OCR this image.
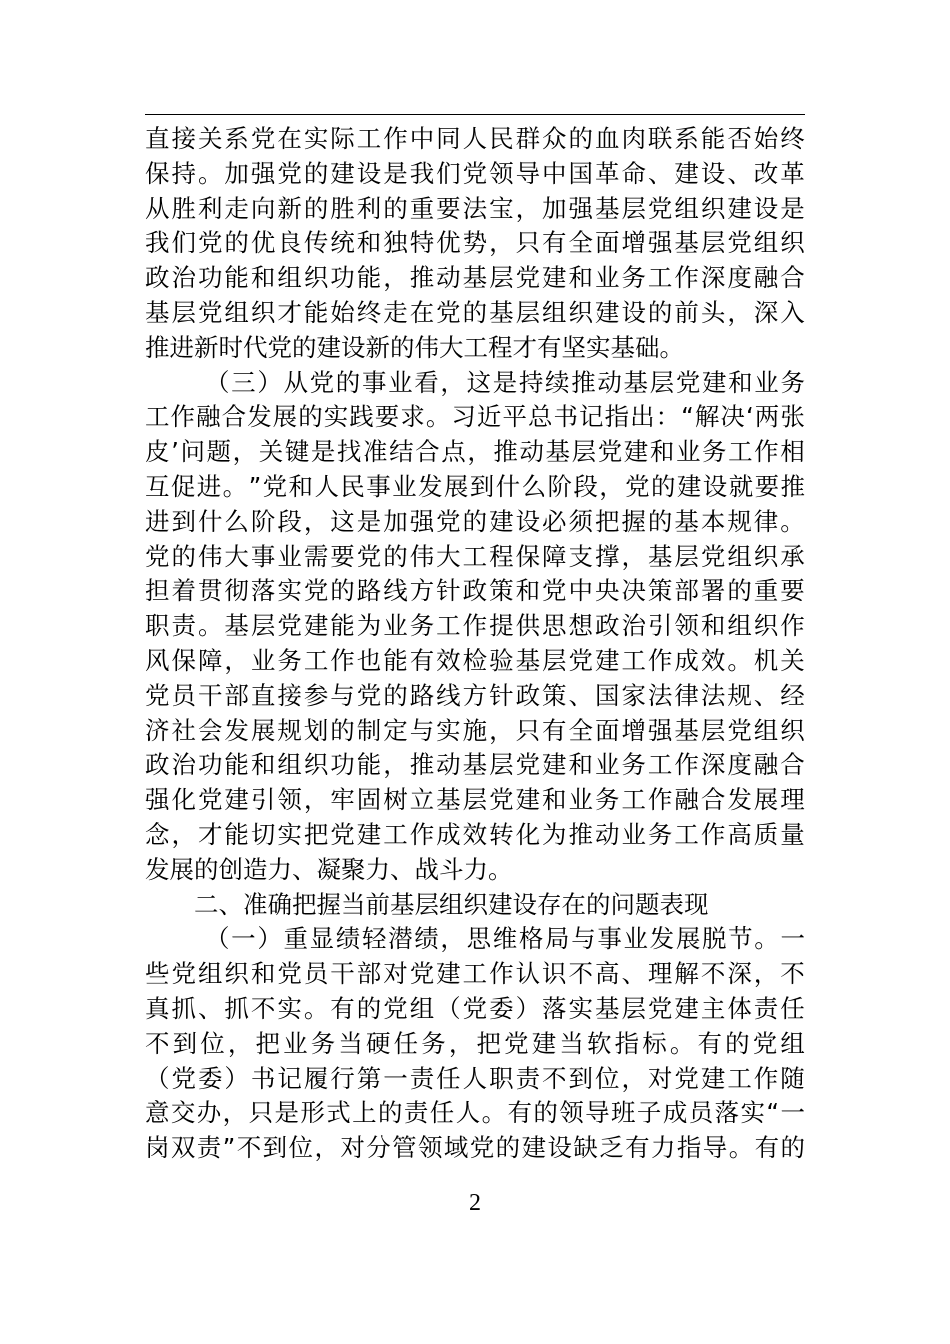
直 接 关 系 党 在 实 际 工 作 中 同 人 民 群 众 的 血 肉 联 系 能 否 始 终
保 持 。 加 强 党 的 建 设 是 我 们 党 领 导 中 国 革 命 、 建 设 、 改 革
从 胜 利 走 向 新 的 胜 利 的 重 要 法 宝 ， 加 强 基 层 党 组 织 建 设 是
我 们 党 的 优 良 传 统 和 独 特 优 势 ， 只 有 全 面 增 强 基 层 党 组 织
政 治 功 能 和 组 织 功 能 ， 推 动 基 层 党 建 和 业 务 工 作 深 度 融 合
基 层 党 组 织 才 能 始 终 走 在 党 的 基 层 组 织 建 设 的 前 头 ， 深 入
推进新时代党的建设新的伟大工程才有坚实基础。
（ 三 ） 从 党 的 事 业 看 ， 这 是 持 续 推 动 基 层 党 建 和 业 务
工 作 融 合 发 展 的 实 践 要 求 。 习 近 平 总 书 记 指 出 ： “ 解 决 ‘ 两 张
皮 ’ 问 题 ， 关 键 是 找 准 结 合 点 ， 推 动 基 层 党 建 和 业 务 工 作 相
互 促 进 。 ” 党 和 人 民 事 业 发 展 到 什 么 阶 段 ， 党 的 建 设 就 要 推
进 到 什 么 阶 段 ， 这 是 加 强 党 的 建 设 必 须 把 握 的 基 本 规 律 。
党 的 伟 大 事 业 需 要 党 的 伟 大 工 程 保 障 支 撑 ， 基 层 党 组 织 承
担 着 贯 彻 落 实 党 的 路 线 方 针 政 策 和 党 中 央 决 策 部 署 的 重 要
职 责 。 基 层 党 建 能 为 业 务 工 作 提 供 思 想 政 治 引 领 和 组 织 作
风 保 障 ， 业 务 工 作 也 能 有 效 检 验 基 层 党 建 工 作 成 效 。 机 关
党 员 干 部 直 接 参 与 党 的 路 线 方 针 政 策 、 国 家 法 律 法 规 、 经
济 社 会 发 展 规 划 的 制 定 与 实 施 ， 只 有 全 面 增 强 基 层 党 组 织
政 治 功 能 和 组 织 功 能 ， 推 动 基 层 党 建 和 业 务 工 作 深 度 融 合
强 化 党 建 引 领 ， 牢 固 树 立 基 层 党 建 和 业 务 工 作 融 合 发 展 理
念 ， 才 能 切 实 把 党 建 工 作 成 效 转 化 为 推 动 业 务 工 作 高 质 量
发展的创造力、凝聚力、战斗力。
二、准确把握当前基层组织建设存在的问题表现
（ 一 ） 重 显 绩 轻 潜 绩 ， 思 维 格 局 与 事 业 发 展 脱 节 。 一
些 党 组 织 和 党 员 干 部 对 党 建 工 作 认 识 不 高 、 理 解 不 深 ， 不
真 抓 、 抓 不 实 。 有 的 党 组 （ 党 委 ） 落 实 基 层 党 建 主 体 责 任
不 到 位 ， 把 业 务 当 硬 任 务 ， 把 党 建 当 软 指 标 。 有 的 党 组
（ 党 委 ） 书 记 履 行 第 一 责 任 人 职 责 不 到 位 ， 对 党 建 工 作 随
意 交 办 ， 只 是 形 式 上 的 责 任 人 。 有 的 领 导 班 子 成 员 落 实 “ 一
岗 双 责 ” 不 到 位 ， 对 分 管 领 域 党 的 建 设 缺 乏 有 力 指 导 。 有 的
2
